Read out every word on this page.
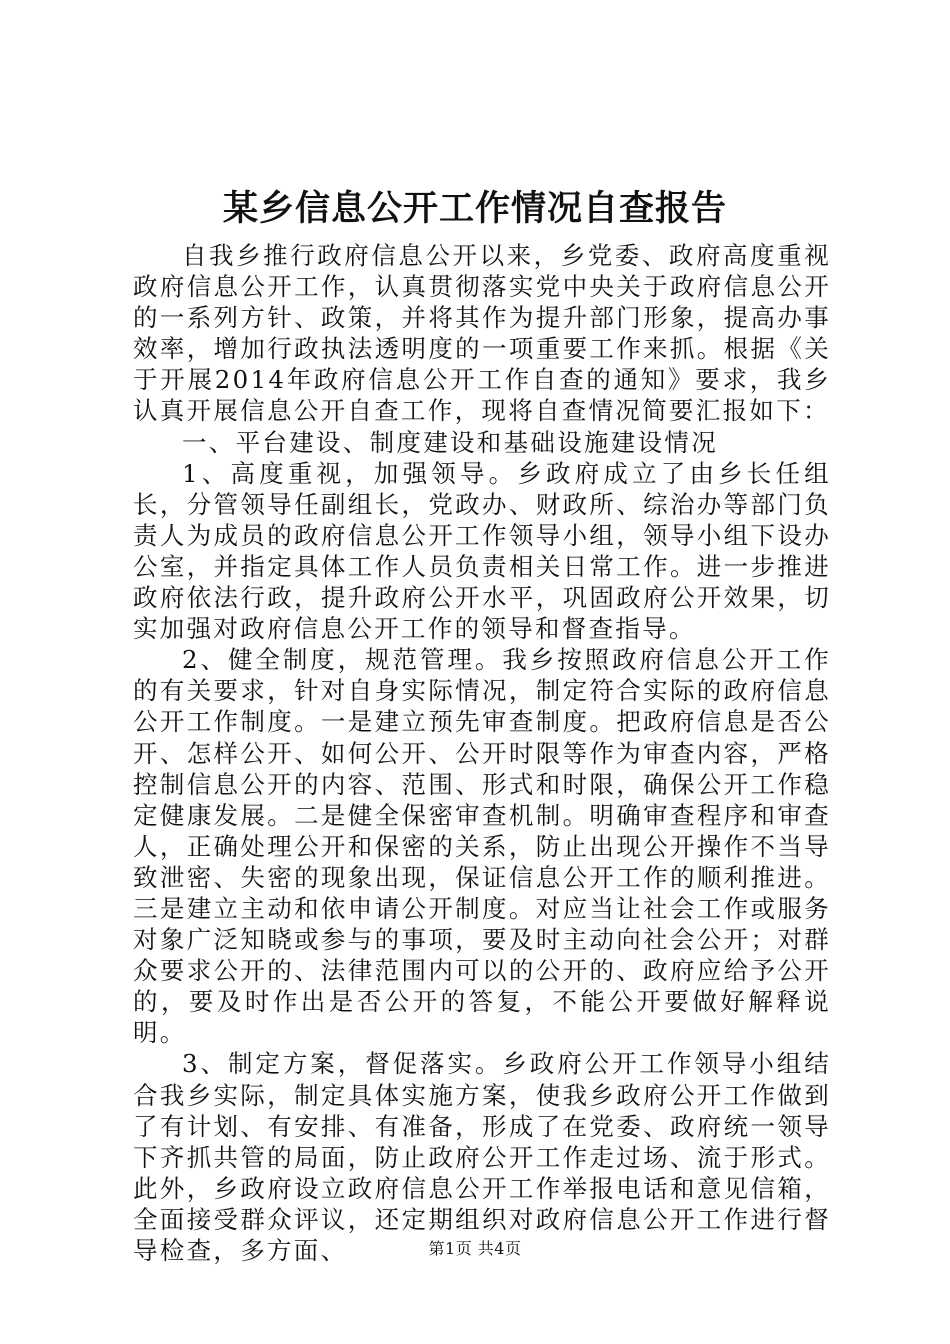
某乡信息公开工作情况自查报告

自我乡推行政府信息公开以来，乡党委、政府高度重视政府信息公开工作，认真贯彻落实党中央关于政府信息公开的一系列方针、政策，并将其作为提升部门形象，提高办事效率，增加行政执法透明度的一项重要工作来抓。根据《关于开展2014年政府信息公开工作自查的通知》要求，我乡认真开展信息公开自查工作，现将自查情况简要汇报如下：

一、平台建设、制度建设和基础设施建设情况

1、高度重视，加强领导。乡政府成立了由乡长任组长，分管领导任副组长，党政办、财政所、综治办等部门负责人为成员的政府信息公开工作领导小组，领导小组下设办公室，并指定具体工作人员负责相关日常工作。进一步推进政府依法行政，提升政府公开水平，巩固政府公开效果，切实加强对政府信息公开工作的领导和督查指导。

2、健全制度，规范管理。我乡按照政府信息公开工作的有关要求，针对自身实际情况，制定符合实际的政府信息公开工作制度。一是建立预先审查制度。把政府信息是否公开、怎样公开、如何公开、公开时限等作为审查内容，严格控制信息公开的内容、范围、形式和时限，确保公开工作稳定健康发展。二是健全保密审查机制。明确审查程序和审查人，正确处理公开和保密的关系，防止出现公开操作不当导致泄密、失密的现象出现，保证信息公开工作的顺利推进。三是建立主动和依申请公开制度。对应当让社会工作或服务对象广泛知晓或参与的事项，要及时主动向社会公开；对群众要求公开的、法律范围内可以的公开的、政府应给予公开的，要及时作出是否公开的答复，不能公开要做好解释说明。

3、制定方案，督促落实。乡政府公开工作领导小组结合我乡实际，制定具体实施方案，使我乡政府公开工作做到了有计划、有安排、有准备，形成了在党委、政府统一领导下齐抓共管的局面，防止政府公开工作走过场、流于形式。此外，乡政府设立政府信息公开工作举报电话和意见信箱，全面接受群众评议，还定期组织对政府信息公开工作进行督导检查，多方面、	第1页 共4页
